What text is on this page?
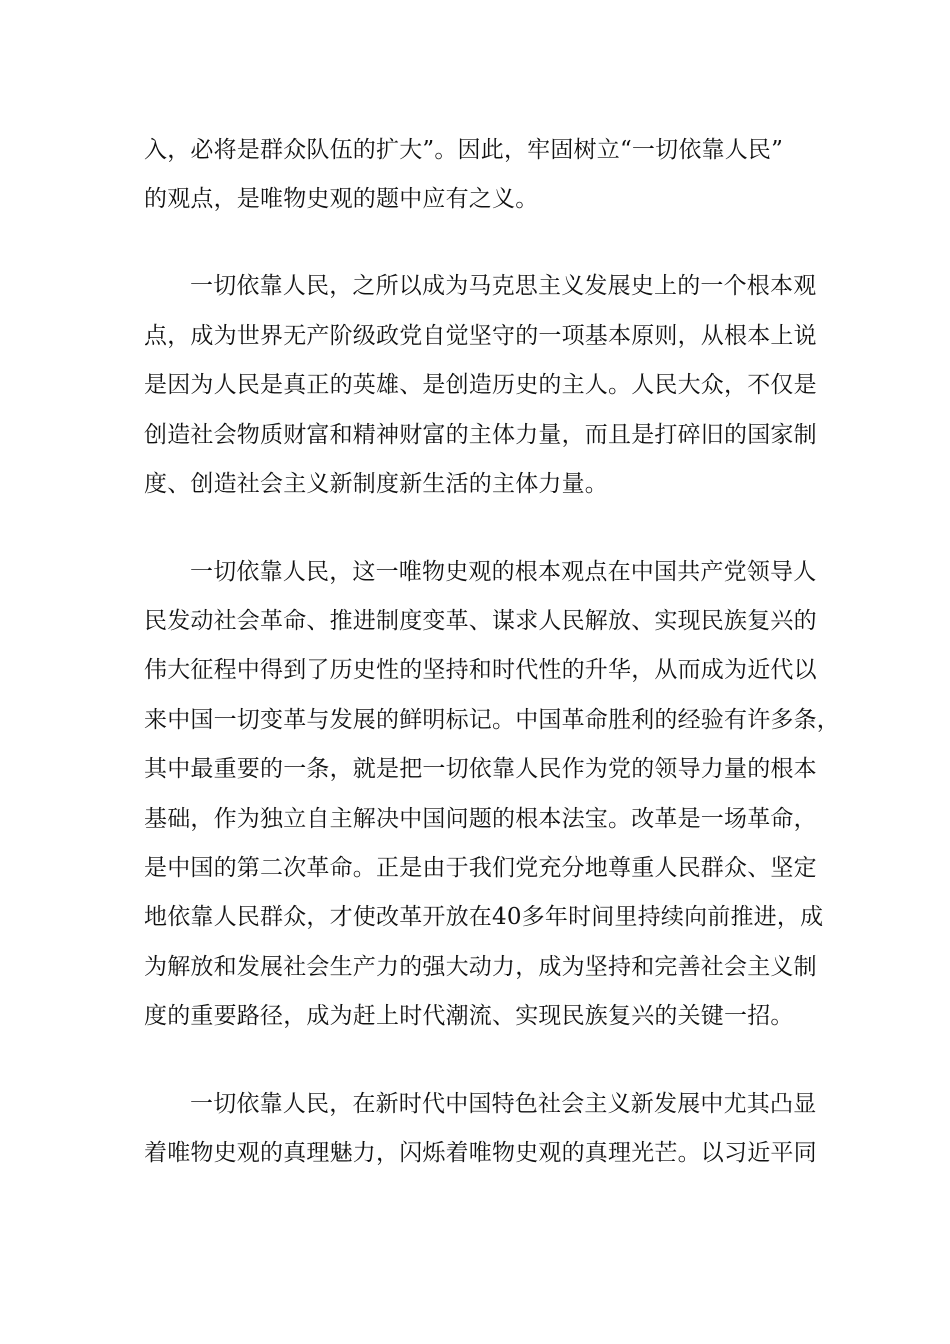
入，必将是群众队伍的扩大”。因此，牢固树立“一切依靠人民”
的观点，是唯物史观的题中应有之义。
一切依靠人民，之所以成为马克思主义发展史上的一个根本观
点，成为世界无产阶级政党自觉坚守的一项基本原则，从根本上说
是因为人民是真正的英雄、是创造历史的主人。人民大众，不仅是
创造社会物质财富和精神财富的主体力量，而且是打碎旧的国家制
度、创造社会主义新制度新生活的主体力量。
一切依靠人民，这一唯物史观的根本观点在中国共产党领导人
民发动社会革命、推进制度变革、谋求人民解放、实现民族复兴的
伟大征程中得到了历史性的坚持和时代性的升华，从而成为近代以
来中国一切变革与发展的鲜明标记。中国革命胜利的经验有许多条，
其中最重要的一条，就是把一切依靠人民作为党的领导力量的根本
基础，作为独立自主解决中国问题的根本法宝。改革是一场革命，
是中国的第二次革命。正是由于我们党充分地尊重人民群众、坚定
地依靠人民群众，才使改革开放在40多年时间里持续向前推进，成
为解放和发展社会生产力的强大动力，成为坚持和完善社会主义制
度的重要路径，成为赶上时代潮流、实现民族复兴的关键一招。
一切依靠人民，在新时代中国特色社会主义新发展中尤其凸显
着唯物史观的真理魅力，闪烁着唯物史观的真理光芒。以习近平同
